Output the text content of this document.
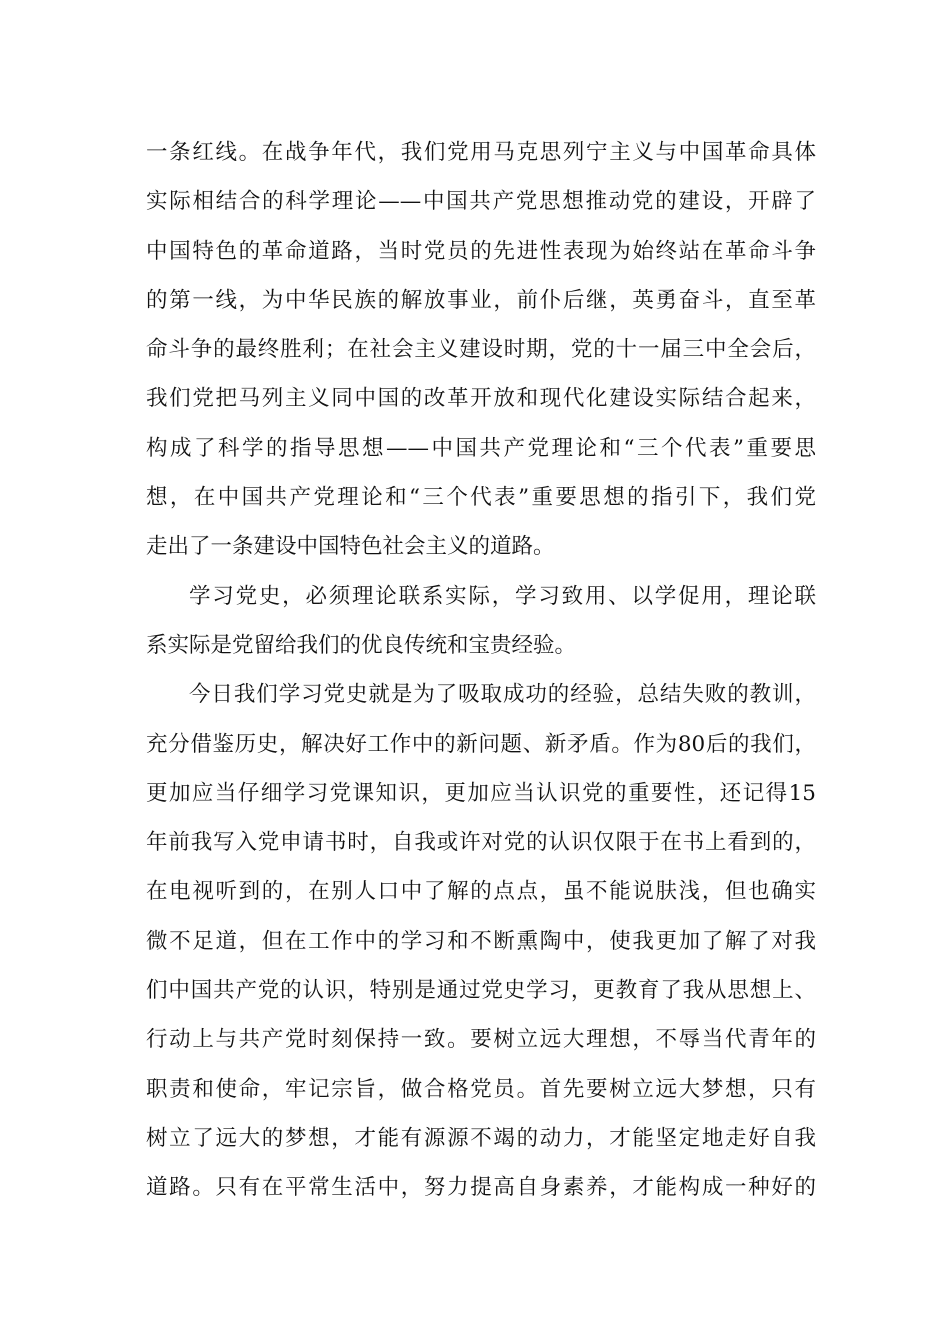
一条红线。在战争年代，我们党用马克思列宁主义与中国革命具体
实际相结合的科学理论——中国共产党思想推动党的建设，开辟了
中国特色的革命道路，当时党员的先进性表现为始终站在革命斗争
的第一线，为中华民族的解放事业，前仆后继，英勇奋斗，直至革
命斗争的最终胜利；在社会主义建设时期，党的十一届三中全会后，
我们党把马列主义同中国的改革开放和现代化建设实际结合起来，
构成了科学的指导思想——中国共产党理论和“三个代表”重要思
想，在中国共产党理论和“三个代表”重要思想的指引下，我们党
走出了一条建设中国特色社会主义的道路。
学习党史，必须理论联系实际，学习致用、以学促用，理论联
系实际是党留给我们的优良传统和宝贵经验。
今日我们学习党史就是为了吸取成功的经验，总结失败的教训，
充分借鉴历史，解决好工作中的新问题、新矛盾。作为80后的我们，
更加应当仔细学习党课知识，更加应当认识党的重要性，还记得15
年前我写入党申请书时，自我或许对党的认识仅限于在书上看到的，
在电视听到的，在别人口中了解的点点，虽不能说肤浅，但也确实
微不足道，但在工作中的学习和不断熏陶中，使我更加了解了对我
们中国共产党的认识，特别是通过党史学习，更教育了我从思想上、
行动上与共产党时刻保持一致。要树立远大理想，不辱当代青年的
职责和使命，牢记宗旨，做合格党员。首先要树立远大梦想，只有
树立了远大的梦想，才能有源源不竭的动力，才能坚定地走好自我
道路。只有在平常生活中，努力提高自身素养，才能构成一种好的
